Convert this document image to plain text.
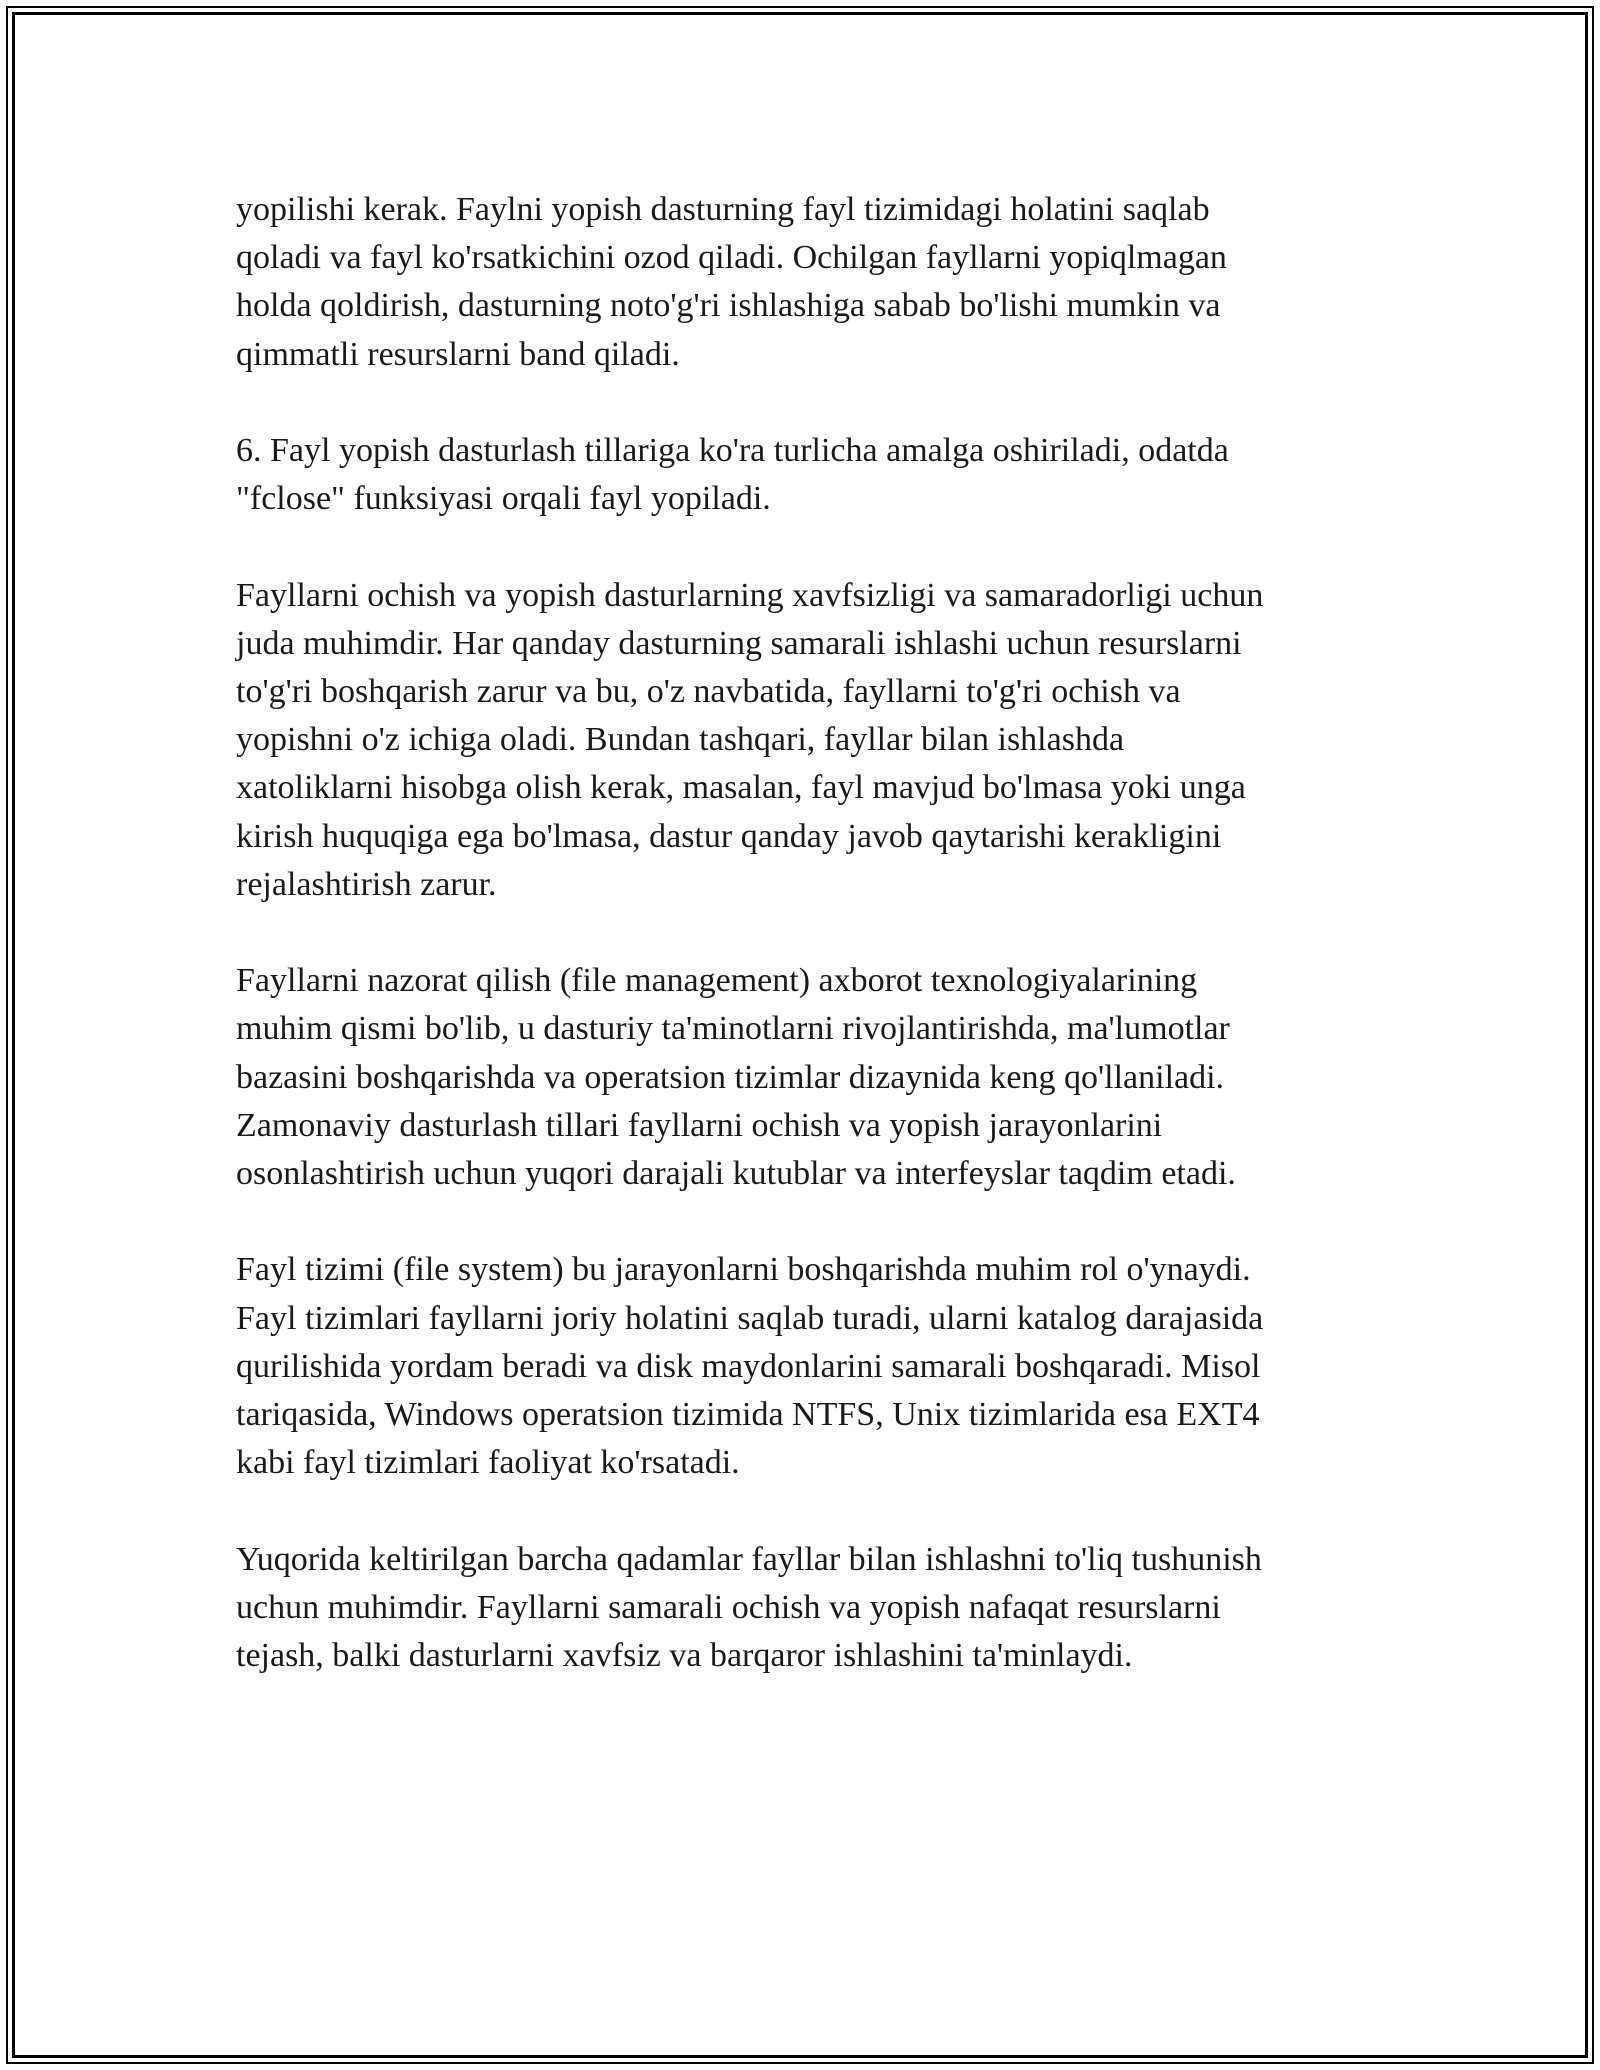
yopilishi kerak. Faylni yopish dasturning fayl tizimidagi holatini saqlab
qoladi va fayl ko'rsatkichini ozod qiladi. Ochilgan fayllarni yopiqlmagan
holda qoldirish, dasturning noto'g'ri ishlashiga sabab bo'lishi mumkin va
qimmatli resurslarni band qiladi.

6. Fayl yopish dasturlash tillariga ko'ra turlicha amalga oshiriladi, odatda
"fclose" funksiyasi orqali fayl yopiladi.

Fayllarni ochish va yopish dasturlarning xavfsizligi va samaradorligi uchun
juda muhimdir. Har qanday dasturning samarali ishlashi uchun resurslarni
to'g'ri boshqarish zarur va bu, o'z navbatida, fayllarni to'g'ri ochish va
yopishni o'z ichiga oladi. Bundan tashqari, fayllar bilan ishlashda
xatoliklarni hisobga olish kerak, masalan, fayl mavjud bo'lmasa yoki unga
kirish huquqiga ega bo'lmasa, dastur qanday javob qaytarishi kerakligini
rejalashtirish zarur.

Fayllarni nazorat qilish (file management) axborot texnologiyalarining
muhim qismi bo'lib, u dasturiy ta'minotlarni rivojlantirishda, ma'lumotlar
bazasini boshqarishda va operatsion tizimlar dizaynida keng qo'llaniladi.
Zamonaviy dasturlash tillari fayllarni ochish va yopish jarayonlarini
osonlashtirish uchun yuqori darajali kutublar va interfeyslar taqdim etadi.

Fayl tizimi (file system) bu jarayonlarni boshqarishda muhim rol o'ynaydi.
Fayl tizimlari fayllarni joriy holatini saqlab turadi, ularni katalog darajasida
qurilishida yordam beradi va disk maydonlarini samarali boshqaradi. Misol
tariqasida, Windows operatsion tizimida NTFS, Unix tizimlarida esa EXT4
kabi fayl tizimlari faoliyat ko'rsatadi.

Yuqorida keltirilgan barcha qadamlar fayllar bilan ishlashni to'liq tushunish
uchun muhimdir. Fayllarni samarali ochish va yopish nafaqat resurslarni
tejash, balki dasturlarni xavfsiz va barqaror ishlashini ta'minlaydi.
